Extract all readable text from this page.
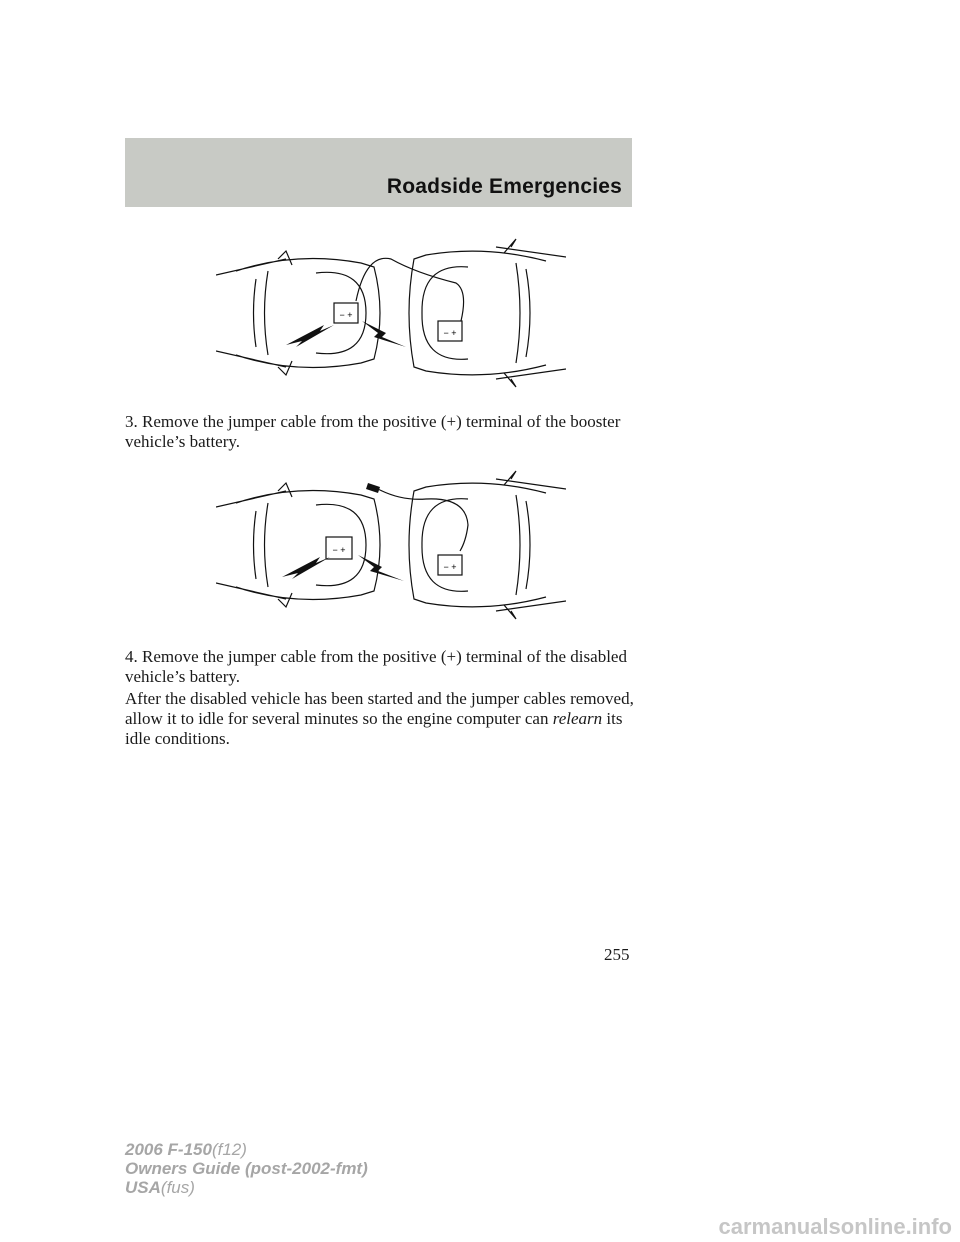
Roadside Emergencies
− +
− +

3. Remove the jumper cable from the positive (+) terminal of the booster vehicle’s battery.

− +
− +

4. Remove the jumper cable from the positive (+) terminal of the disabled vehicle’s battery.

After the disabled vehicle has been started and the jumper cables removed, allow it to idle for several minutes so the engine computer can relearn its idle conditions.

255
2006 F-150(f12)
Owners Guide (post-2002-fmt)
USA(fus)
carmanualsonline.info
